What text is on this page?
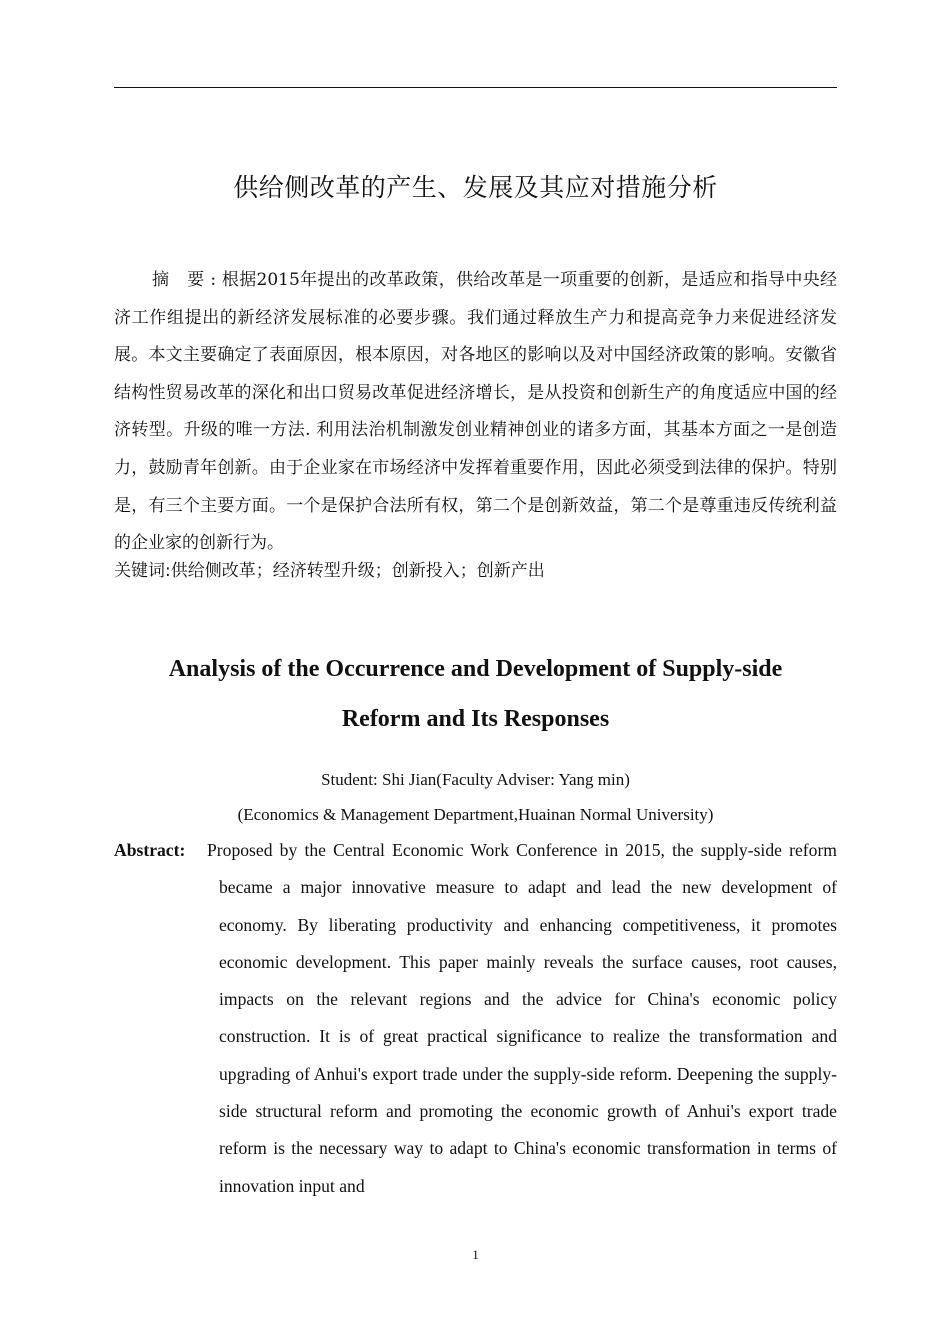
供给侧改革的产生、发展及其应对措施分析
摘 要: 根据2015年提出的改革政策，供给改革是一项重要的创新，是适应和指导中央经济工作组提出的新经济发展标准的必要步骤。我们通过释放生产力和提高竞争力来促进经济发展。本文主要确定了表面原因，根本原因，对各地区的影响以及对中国经济政策的影响。安徽省结构性贸易改革的深化和出口贸易改革促进经济增长，是从投资和创新生产的角度适应中国的经济转型。升级的唯一方法. 利用法治机制激发创业精神创业的诸多方面，其基本方面之一是创造力，鼓励青年创新。由于企业家在市场经济中发挥着重要作用，因此必须受到法律的保护。特别是，有三个主要方面。一个是保护合法所有权，第二个是创新效益，第二个是尊重违反传统利益的企业家的创新行为。
关键词:供给侧改革；经济转型升级；创新投入；创新产出
Analysis of the Occurrence and Development of Supply-side
Reform and Its Responses
Student: Shi Jian(Faculty Adviser: Yang min)
(Economics & Management Department,Huainan Normal University)
Abstract: Proposed by the Central Economic Work Conference in 2015, the supply-side reform became a major innovative measure to adapt and lead the new development of economy. By liberating productivity and enhancing competitiveness, it promotes economic development. This paper mainly reveals the surface causes, root causes, impacts on the relevant regions and the advice for China's economic policy construction. It is of great practical significance to realize the transformation and upgrading of Anhui's export trade under the supply-side reform. Deepening the supply-side structural reform and promoting the economic growth of Anhui's export trade reform is the necessary way to adapt to China's economic transformation in terms of innovation input and
1
